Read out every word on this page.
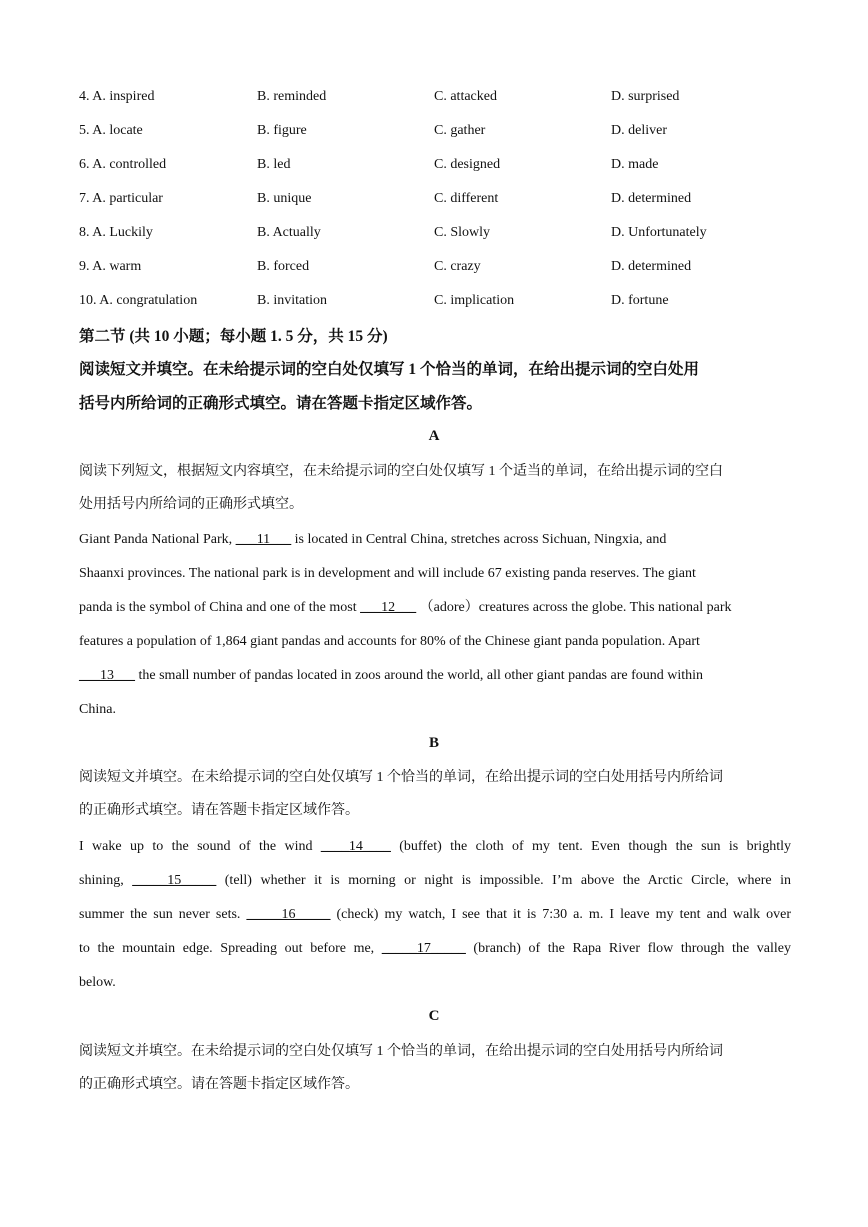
4. A. inspired	B. reminded	C. attacked	D. surprised
5. A. locate	B. figure	C. gather	D. deliver
6. A. controlled	B. led	C. designed	D. made
7. A. particular	B. unique	C. different	D. determined
8. A. Luckily	B. Actually	C. Slowly	D. Unfortunately
9. A. warm	B. forced	C. crazy	D. determined
10. A. congratulation	B. invitation	C. implication	D. fortune
第二节 (共 10 小题；每小题 1. 5 分，共 15 分)
阅读短文并填空。在未给提示词的空白处仅填写 1 个恰当的单词，在给出提示词的空白处用
括号内所给词的正确形式填空。请在答题卡指定区域作答。
A
阅读下列短文，根据短文内容填空，在未给提示词的空白处仅填写 1 个适当的单词，在给出提示词的空白
处用括号内所给词的正确形式填空。
Giant Panda National Park, ___11___ is located in Central China, stretches across Sichuan, Ningxia, and
Shaanxi provinces. The national park is in development and will include 67 existing panda reserves. The giant
panda is the symbol of China and one of the most ___12___ （adore）creatures across the globe. This national park
features a population of 1,864 giant pandas and accounts for 80% of the Chinese giant panda population. Apart
___13___ the small number of pandas located in zoos around the world, all other giant pandas are found within
China.
B
阅读短文并填空。在未给提示词的空白处仅填写 1 个恰当的单词，在给出提示词的空白处用括号内所给词
的正确形式填空。请在答题卡指定区域作答。
I wake up to the sound of the wind ____14____ (buffet) the cloth of my tent. Even though the sun is brightly
shining, _____15_____ (tell) whether it is morning or night is impossible. I’m above the Arctic Circle, where in
summer the sun never sets. _____16_____ (check) my watch, I see that it is 7:30 a. m. I leave my tent and walk over
to the mountain edge. Spreading out before me, _____17_____ (branch) of the Rapa River flow through the valley
below.
C
阅读短文并填空。在未给提示词的空白处仅填写 1 个恰当的单词，在给出提示词的空白处用括号内所给词
的正确形式填空。请在答题卡指定区域作答。
